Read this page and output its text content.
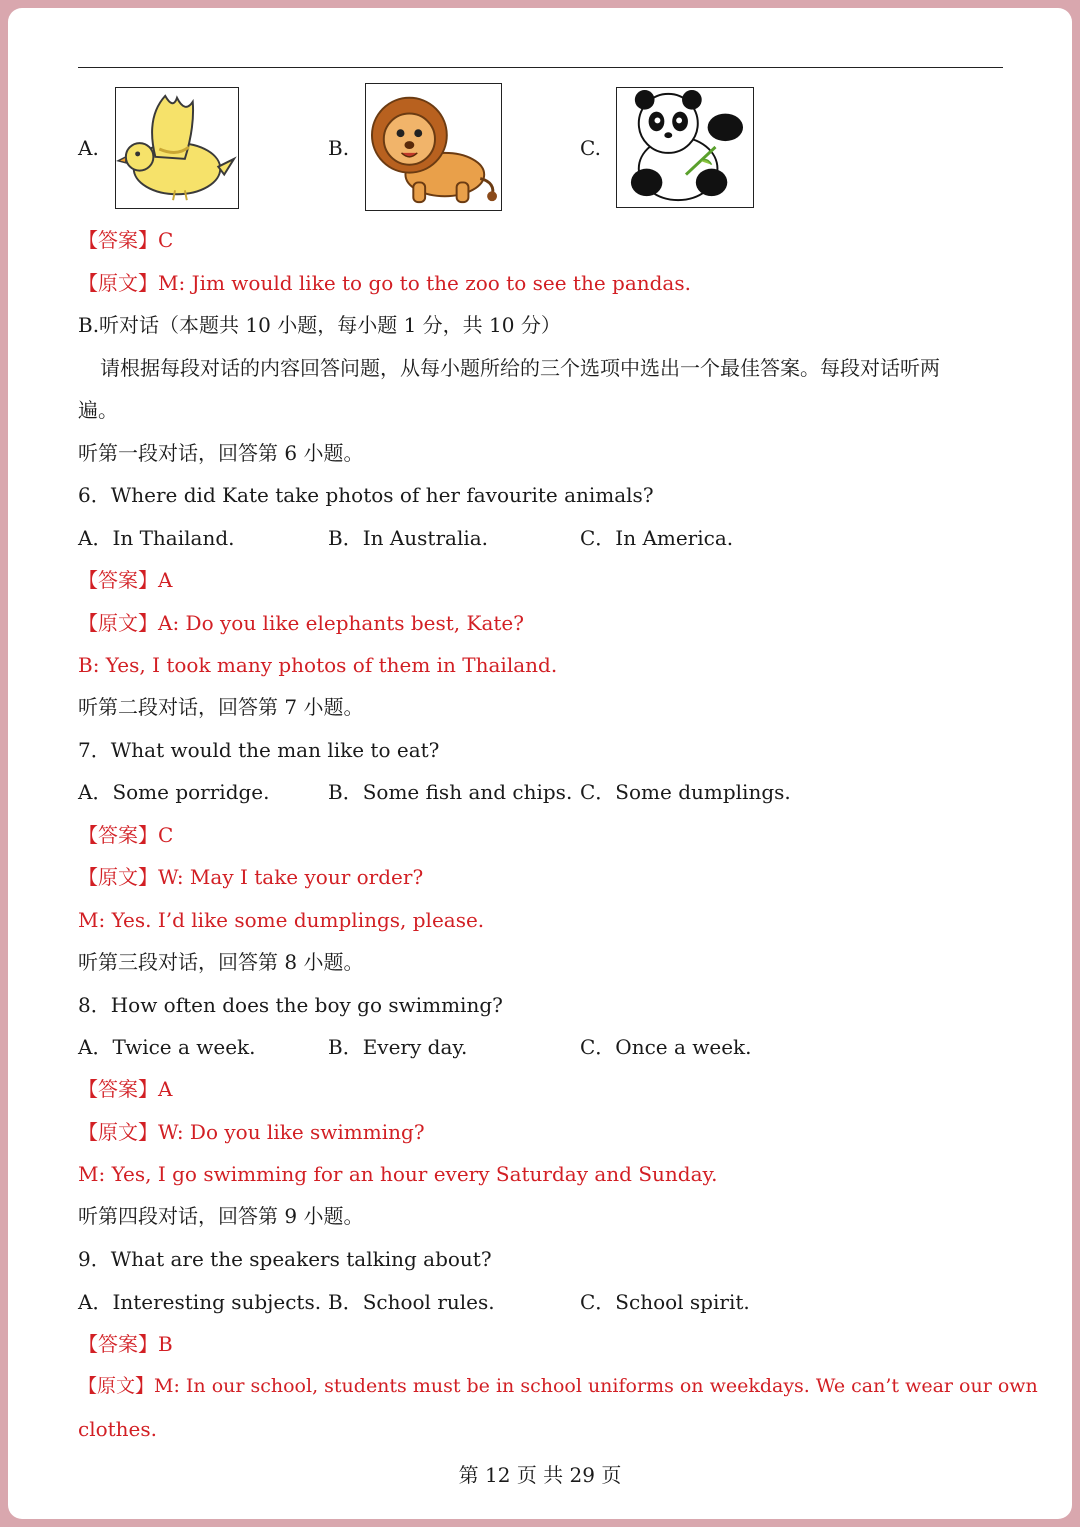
A.	B.	C.
【答案】C
【原文】M: Jim would like to go to the zoo to see the pandas.
B.听对话（本题共 10 小题，每小题 1 分，共 10 分）
请根据每段对话的内容回答问题，从每小题所给的三个选项中选出一个最佳答案。每段对话听两
遍。
听第一段对话，回答第 6 小题。
6．Where did Kate take photos of her favourite animals?
A．In Thailand.	B．In Australia.	C．In America.
【答案】A
【原文】A: Do you like elephants best, Kate?
B: Yes, I took many photos of them in Thailand.
听第二段对话，回答第 7 小题。
7．What would the man like to eat?
A．Some porridge.	B．Some fish and chips. C．Some dumplings.
【答案】C
【原文】W: May I take your order?
M: Yes. I’d like some dumplings, please.
听第三段对话，回答第 8 小题。
8．How often does the boy go swimming?
A．Twice a week.	B．Every day.	C．Once a week.
【答案】A
【原文】W: Do you like swimming?
M: Yes, I go swimming for an hour every Saturday and Sunday.
听第四段对话，回答第 9 小题。
9．What are the speakers talking about?
A．Interesting subjects. B．School rules.	C．School spirit.
【答案】B
【原文】M: In our school, students must be in school uniforms on weekdays. We can’t wear our own
clothes.
第 12 页 共 29 页
